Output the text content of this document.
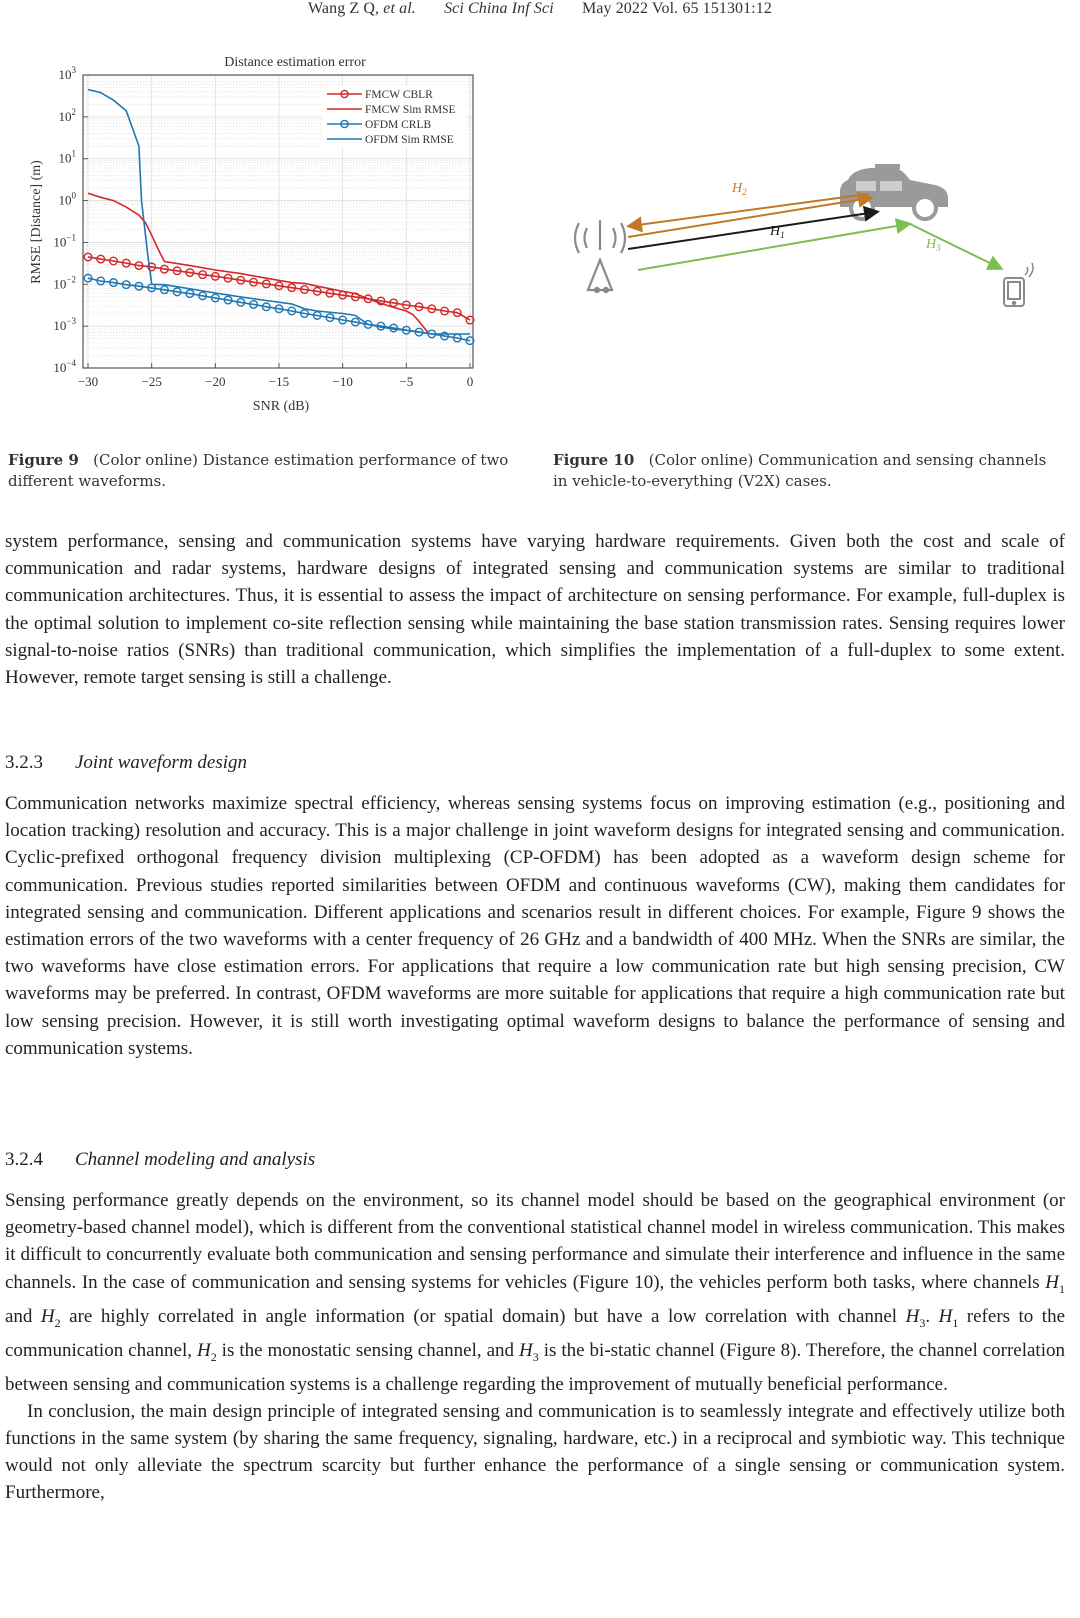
Wang Z Q, et al. Sci China Inf Sci May 2022 Vol. 65 151301:12
Distance estimation error
$10^3$
$10^2$
$10^1$
$10^0$
$10^{-1}$
$10^{-2}$
$10^{-3}$
$10^{-4}$
−30	−25	−20	−15	−10	−5	0
SNR (dB)
RMSE [Distance] (m)
FMCW CBLR
FMCW Sim RMSE
OFDM CRLB
OFDM Sim RMSE
$H_2$
$H_1$
$H_3$
Figure 9 (Color online) Distance estimation performance of two different waveforms.
Figure 10 (Color online) Communication and sensing channels in vehicle-to-everything (V2X) cases.

system performance, sensing and communication systems have varying hardware requirements. Given both the cost and scale of communication and radar systems, hardware designs of integrated sensing and communication systems are similar to traditional communication architectures. Thus, it is essential to assess the impact of architecture on sensing performance. For example, full-duplex is the optimal solution to implement co-site reflection sensing while maintaining the base station transmission rates. Sensing requires lower signal-to-noise ratios (SNRs) than traditional communication, which simplifies the implementation of a full-duplex to some extent. However, remote target sensing is still a challenge.

3.2.3 Joint waveform design

Communication networks maximize spectral efficiency, whereas sensing systems focus on improving estimation (e.g., positioning and location tracking) resolution and accuracy. This is a major challenge in joint waveform designs for integrated sensing and communication. Cyclic-prefixed orthogonal frequency division multiplexing (CP-OFDM) has been adopted as a waveform design scheme for communication. Previous studies reported similarities between OFDM and continuous waveforms (CW), making them candidates for integrated sensing and communication. Different applications and scenarios result in different choices. For example, Figure 9 shows the estimation errors of the two waveforms with a center frequency of 26 GHz and a bandwidth of 400 MHz. When the SNRs are similar, the two waveforms have close estimation errors. For applications that require a low communication rate but high sensing precision, CW waveforms may be preferred. In contrast, OFDM waveforms are more suitable for applications that require a high communication rate but low sensing precision. However, it is still worth investigating optimal waveform designs to balance the performance of sensing and communication systems.

3.2.4 Channel modeling and analysis

Sensing performance greatly depends on the environment, so its channel model should be based on the geographical environment (or geometry-based channel model), which is different from the conventional statistical channel model in wireless communication. This makes it difficult to concurrently evaluate both communication and sensing performance and simulate their interference and influence in the same channels. In the case of communication and sensing systems for vehicles (Figure 10), the vehicles perform both tasks, where channels $H_1$ and $H_2$ are highly correlated in angle information (or spatial domain) but have a low correlation with channel $H_3$. $H_1$ refers to the communication channel, $H_2$ is the monostatic sensing channel, and $H_3$ is the bi-static channel (Figure 8). Therefore, the channel correlation between sensing and communication systems is a challenge regarding the improvement of mutually beneficial performance.

In conclusion, the main design principle of integrated sensing and communication is to seamlessly integrate and effectively utilize both functions in the same system (by sharing the same frequency, signaling, hardware, etc.) in a reciprocal and symbiotic way. This technique would not only alleviate the spectrum scarcity but further enhance the performance of a single sensing or communication system. Furthermore,
